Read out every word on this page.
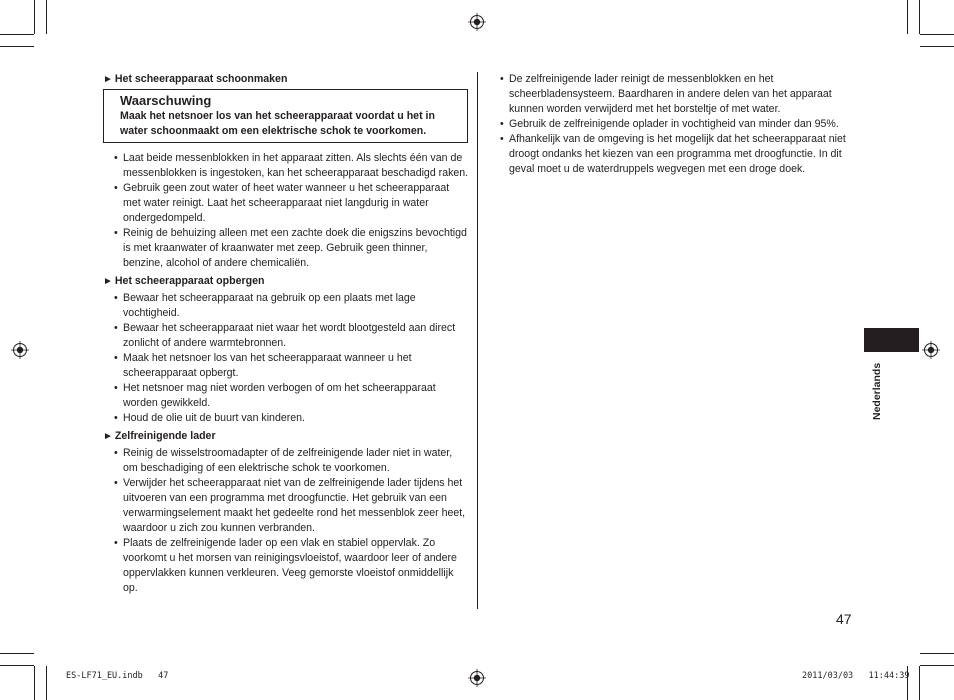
► Het scheerapparaat schoonmaken
Waarschuwing
Maak het netsnoer los van het scheerapparaat voordat u het in water schoonmaakt om een elektrische schok te voorkomen.
• Laat beide messenblokken in het apparaat zitten. Als slechts één van de messenblokken is ingestoken, kan het scheerapparaat beschadigd raken.
• Gebruik geen zout water of heet water wanneer u het scheerapparaat met water reinigt. Laat het scheerapparaat niet langdurig in water ondergedompeld.
• Reinig de behuizing alleen met een zachte doek die enigszins bevochtigd is met kraanwater of kraanwater met zeep. Gebruik geen thinner, benzine, alcohol of andere chemicaliën.
► Het scheerapparaat opbergen
• Bewaar het scheerapparaat na gebruik op een plaats met lage vochtigheid.
• Bewaar het scheerapparaat niet waar het wordt blootgesteld aan direct zonlicht of andere warmtebronnen.
• Maak het netsnoer los van het scheerapparaat wanneer u het scheerapparaat opbergt.
• Het netsnoer mag niet worden verbogen of om het scheerapparaat worden gewikkeld.
• Houd de olie uit de buurt van kinderen.
► Zelfreinigende lader
• Reinig de wisselstroomadapter of de zelfreinigende lader niet in water, om beschadiging of een elektrische schok te voorkomen.
• Verwijder het scheerapparaat niet van de zelfreinigende lader tijdens het uitvoeren van een programma met droogfunctie. Het gebruik van een verwarmingselement maakt het gedeelte rond het messenblok zeer heet, waardoor u zich zou kunnen verbranden.
• Plaats de zelfreinigende lader op een vlak en stabiel oppervlak. Zo voorkomt u het morsen van reinigingsvloeistof, waardoor leer of andere oppervlakken kunnen verkleuren. Veeg gemorste vloeistof onmiddellijk op.
• De zelfreinigende lader reinigt de messenblokken en het scheerbladensysteem. Baardharen in andere delen van het apparaat kunnen worden verwijderd met het borsteltje of met water.
• Gebruik de zelfreinigende oplader in vochtigheid van minder dan 95%.
• Afhankelijk van de omgeving is het mogelijk dat het scheerapparaat niet droogt ondanks het kiezen van een programma met droogfunctie. In dit geval moet u de waterdruppels wegvegen met een droge doek.
Nederlands
47
ES-LF71_EU.indb   47	2011/03/03   11:44:39
